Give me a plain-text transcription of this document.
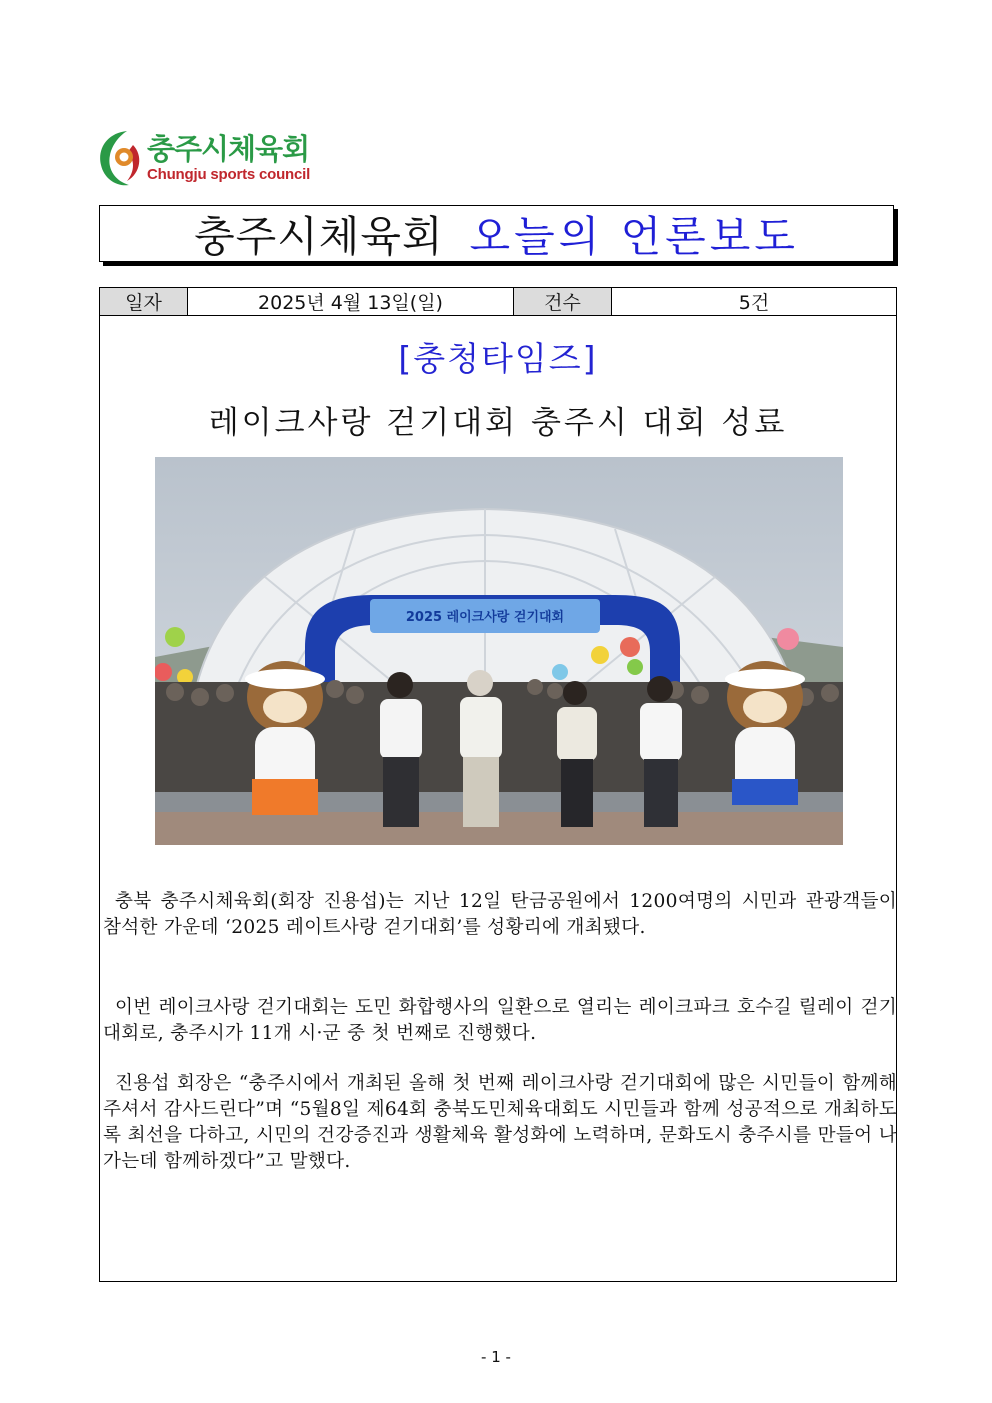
충주시체육회
Chungju sports council
충주시체육회 오늘의 언론보도
일자	2025년 4월 13일(일)	건수	5건
[충청타임즈]
레이크사랑 걷기대회 충주시 대회 성료
2025 레이크사랑 걷기대회

충북 충주시체육회(회장 진용섭)는 지난 12일 탄금공원에서 1200여명의 시민과 관광객들이 참석한 가운데 ‘2025 레이트사랑 걷기대회’를 성황리에 개최됐다.

이번 레이크사랑 걷기대회는 도민 화합행사의 일환으로 열리는 레이크파크 호수길 릴레이 걷기대회로, 충주시가 11개 시·군 중 첫 번째로 진행했다.

진용섭 회장은 “충주시에서 개최된 올해 첫 번째 레이크사랑 걷기대회에 많은 시민들이 함께해 주셔서 감사드린다”며 “5월8일 제64회 충북도민체육대회도 시민들과 함께 성공적으로 개최하도록 최선을 다하고, 시민의 건강증진과 생활체육 활성화에 노력하며, 문화도시 충주시를 만들어 나가는데 함께하겠다”고 말했다.

- 1 -
